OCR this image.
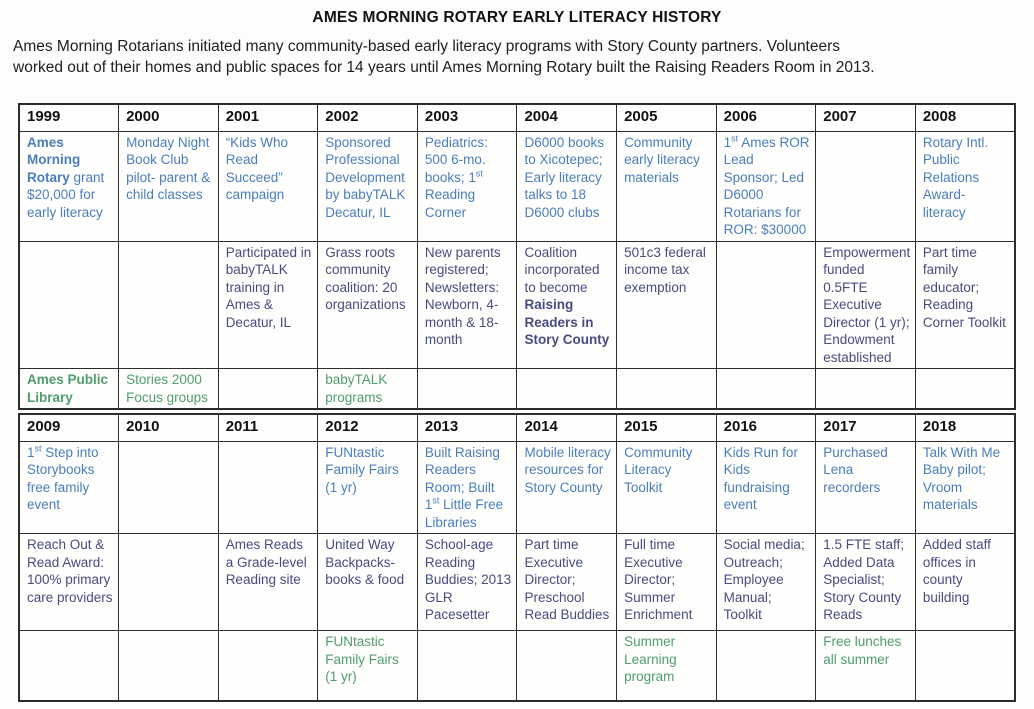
AMES MORNING ROTARY EARLY LITERACY HISTORY
Ames Morning Rotarians initiated many community-based early literacy programs with Story County partners. Volunteers
worked out of their homes and public spaces for 14 years until Ames Morning Rotary built the Raising Readers Room in 2013.
1999	2000	2001	2002	2003	2004	2005	2006	2007	2008
Ames Morning Rotary grant $20,000 for early literacy	Monday Night Book Club pilot- parent & child classes	“Kids Who Read Succeed” campaign	Sponsored Professional Development by babyTALK Decatur, IL	Pediatrics: 500 6-mo. books; 1st Reading Corner	D6000 books to Xicotepec; Early literacy talks to 18 D6000 clubs	Community early literacy materials	1st Ames ROR Lead Sponsor; Led D6000 Rotarians for ROR: $30000		Rotary Intl. Public Relations Award- literacy
		Participated in babyTALK training in Ames & Decatur, IL	Grass roots community coalition: 20 organizations	New parents registered; Newsletters: Newborn, 4-month & 18-month	Coalition incorporated to become Raising Readers in Story County	501c3 federal income tax exemption		Empowerment funded 0.5FTE Executive Director (1 yr); Endowment established	Part time family educator; Reading Corner Toolkit
Ames Public Library	Stories 2000 Focus groups		babyTALK programs						
2009	2010	2011	2012	2013	2014	2015	2016	2017	2018
1st Step into Storybooks free family event			FUNtastic Family Fairs (1 yr)	Built Raising Readers Room; Built 1st Little Free Libraries	Mobile literacy resources for Story County	Community Literacy Toolkit	Kids Run for Kids fundraising event	Purchased Lena recorders	Talk With Me Baby pilot; Vroom materials
Reach Out & Read Award: 100% primary care providers		Ames Reads a Grade-level Reading site	United Way Backpacks- books & food	School-age Reading Buddies; 2013 GLR Pacesetter	Part time Executive Director; Preschool Read Buddies	Full time Executive Director; Summer Enrichment	Social media; Outreach; Employee Manual; Toolkit	1.5 FTE staff; Added Data Specialist; Story County Reads	Added staff offices in county building
			FUNtastic Family Fairs (1 yr)			Summer Learning program		Free lunches all summer	
